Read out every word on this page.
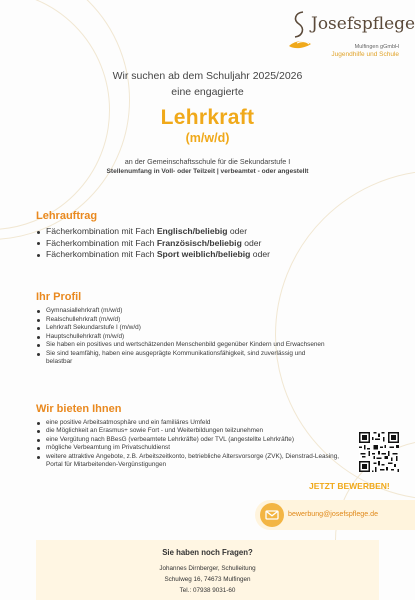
Josefspflege
Mulfingen gGmbH
Jugendhilfe und Schule
Wir suchen ab dem Schuljahr 2025/2026
eine engagierte
Lehrkraft
(m/w/d)
an der Gemeinschaftsschule für die Sekundarstufe I
Stellenumfang in Voll- oder Teilzeit | verbeamtet - oder angestellt
Lehrauftrag
Fächerkombination mit Fach Englisch/beliebig oder
Fächerkombination mit Fach Französisch/beliebig oder
Fächerkombination mit Fach Sport weiblich/beliebig oder
Ihr Profil
Gymnasiallehrkraft (m/w/d)
Realschullehrkraft (m/w/d)
Lehrkraft Sekundarstufe I (m/w/d)
Hauptschullehrkraft (m/w/d)
Sie haben ein positives und wertschätzenden Menschenbild gegenüber Kindern und Erwachsenen
Sie sind teamfähig, haben eine ausgeprägte Kommunikationsfähigkeit, sind zuverlässig und belastbar
Wir bieten Ihnen
eine positive Arbeitsatmosphäre und ein familiäres Umfeld
die Möglichkeit an Erasmus+ sowie Fort - und Weiterbildungen teilzunehmen
eine Vergütung nach BBesG (verbeamtete Lehrkräfte) oder TVL (angestellte Lehrkräfte)
mögliche Verbeamtung im Privatschuldienst
weitere attraktive Angebote, z.B. Arbeitszeitkonto, betriebliche Altersvorsorge (ZVK), Dienstrad-Leasing, Portal für Mitarbeitenden-Vergünstigungen
JETZT BEWERBEN!
bewerbung@josefspflege.de
Sie haben noch Fragen?
Johannes Dirnberger, Schulleitung
Schulweg 16, 74673 Mulfingen
Tel.: 07938 9031-60
